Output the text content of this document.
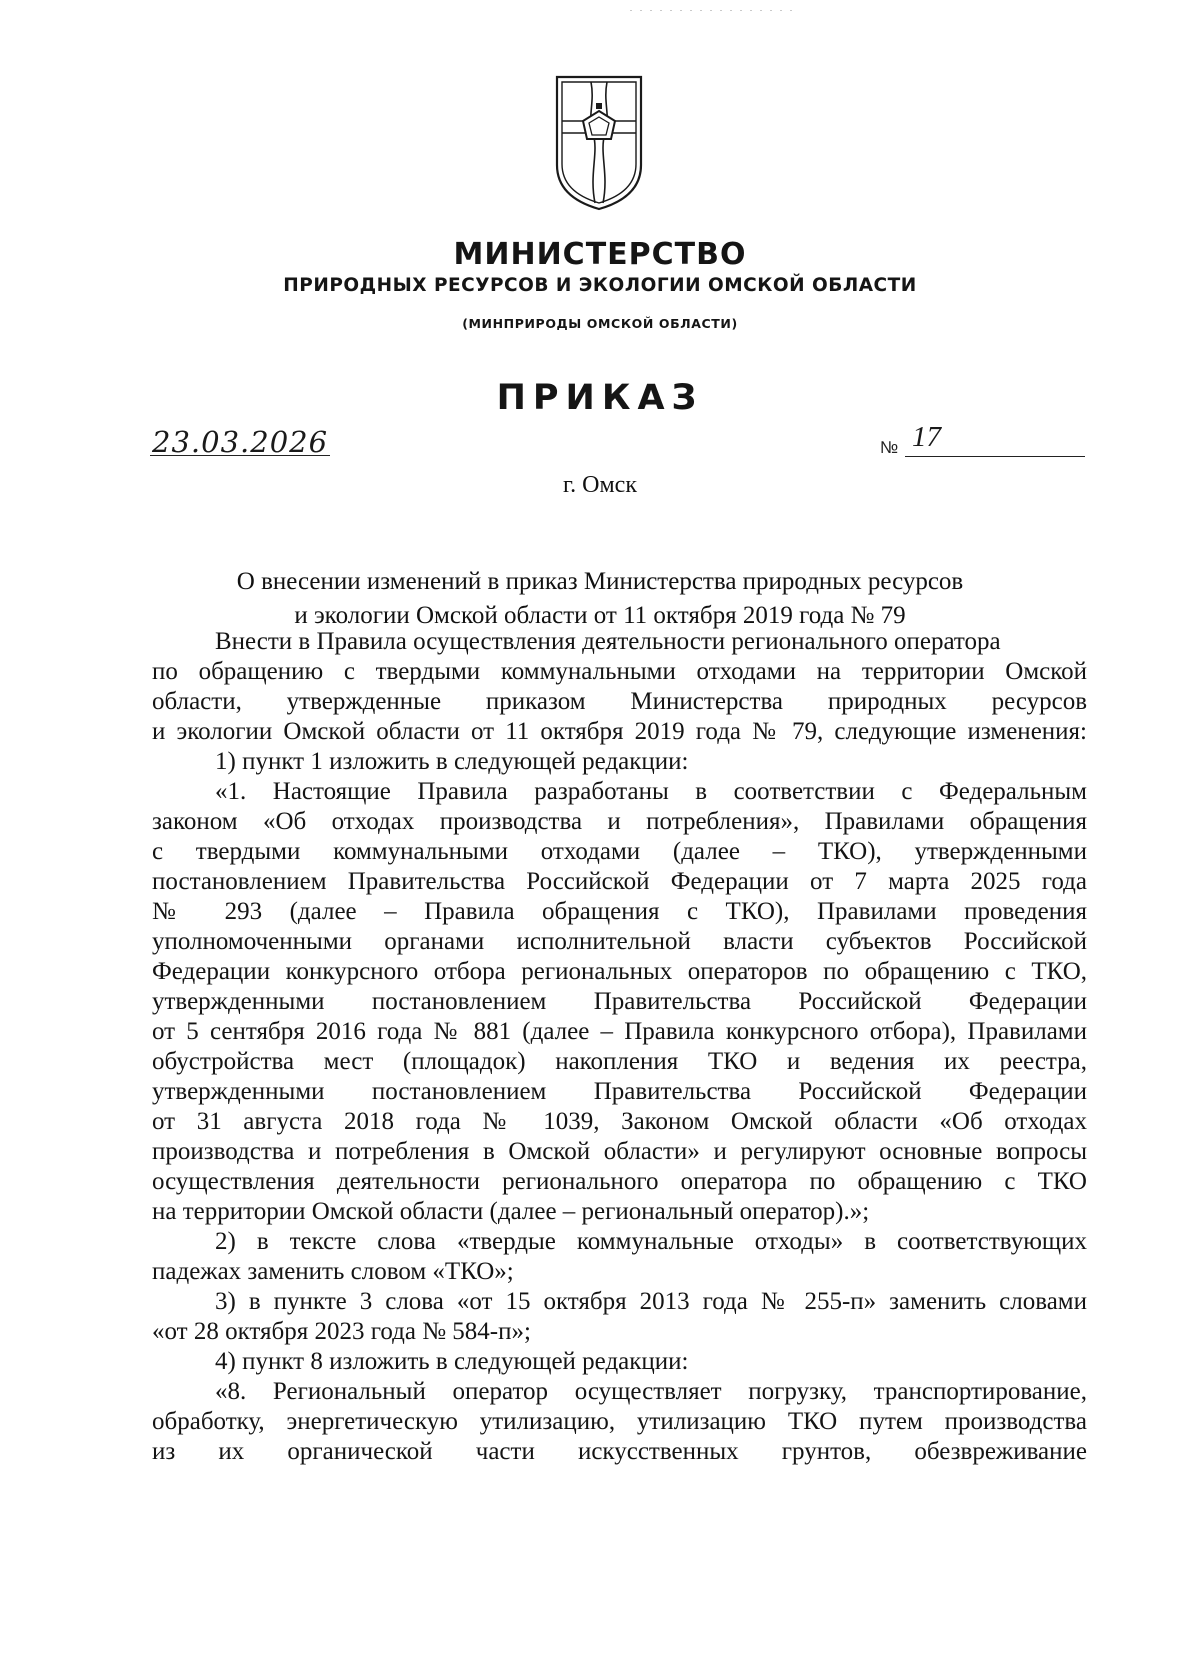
. . . . . . . . . . . . . . . . .
МИНИСТЕРСТВО
ПРИРОДНЫХ РЕСУРСОВ И ЭКОЛОГИИ ОМСКОЙ ОБЛАСТИ
(МИНПРИРОДЫ ОМСКОЙ ОБЛАСТИ)
ПРИКАЗ
23.03.2026	№ 17
г. Омск
О внесении изменений в приказ Министерства природных ресурсов
и экологии Омской области от 11 октября 2019 года № 79
Внести в Правила осуществления деятельности регионального оператора
по обращению с твердыми коммунальными отходами на территории Омской
области, утвержденные приказом Министерства природных ресурсов
и экологии Омской области от 11 октября 2019 года № 79, следующие изменения:
1) пункт 1 изложить в следующей редакции:
«1. Настоящие Правила разработаны в соответствии с Федеральным
законом «Об отходах производства и потребления», Правилами обращения
с твердыми коммунальными отходами (далее – ТКО), утвержденными
постановлением Правительства Российской Федерации от 7 марта 2025 года
№ 293 (далее – Правила обращения с ТКО), Правилами проведения
уполномоченными органами исполнительной власти субъектов Российской
Федерации конкурсного отбора региональных операторов по обращению с ТКО,
утвержденными постановлением Правительства Российской Федерации
от 5 сентября 2016 года № 881 (далее – Правила конкурсного отбора), Правилами
обустройства мест (площадок) накопления ТКО и ведения их реестра,
утвержденными постановлением Правительства Российской Федерации
от 31 августа 2018 года № 1039, Законом Омской области «Об отходах
производства и потребления в Омской области» и регулируют основные вопросы
осуществления деятельности регионального оператора по обращению с ТКО
на территории Омской области (далее – региональный оператор).»;
2) в тексте слова «твердые коммунальные отходы» в соответствующих
падежах заменить словом «ТКО»;
3) в пункте 3 слова «от 15 октября 2013 года № 255-п» заменить словами
«от 28 октября 2023 года № 584-п»;
4) пункт 8 изложить в следующей редакции:
«8. Региональный оператор осуществляет погрузку, транспортирование,
обработку, энергетическую утилизацию, утилизацию ТКО путем производства
из их органической части искусственных грунтов, обезвреживание
